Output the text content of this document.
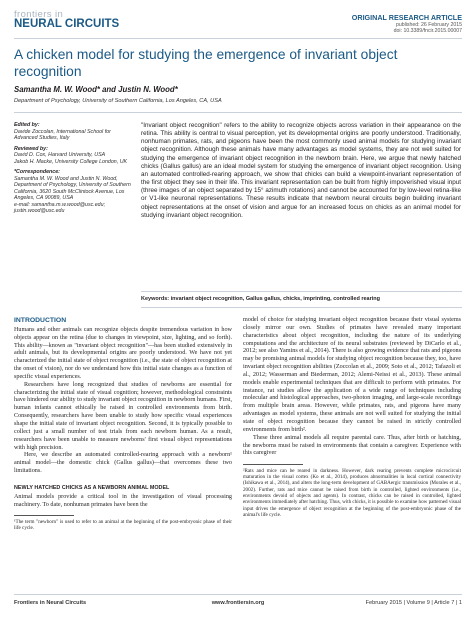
frontiers in
NEURAL CIRCUITS
ORIGINAL RESEARCH ARTICLE
published: 26 February 2015
doi: 10.3389/fncir.2015.00007
A chicken model for studying the emergence of invariant object recognition
Samantha M. W. Wood* and Justin N. Wood*
Department of Psychology, University of Southern California, Los Angeles, CA, USA
Edited by:
Davide Zoccolan, International School for Advanced Studies, Italy
Reviewed by:
David D. Cox, Harvard University, USA
Jakob H. Macke, University College London, UK
*Correspondence:
Samantha M. W. Wood and Justin N. Wood, Department of Psychology, University of Southern California, 3620 South McClintock Avenue, Los Angeles, CA 90089, USA
e-mail: samantha.m.w.wood@usc.edu; justin.wood@usc.edu
"Invariant object recognition" refers to the ability to recognize objects across variation in their appearance on the retina. This ability is central to visual perception, yet its developmental origins are poorly understood. Traditionally, nonhuman primates, rats, and pigeons have been the most commonly used animal models for studying invariant object recognition. Although these animals have many advantages as model systems, they are not well suited for studying the emergence of invariant object recognition in the newborn brain. Here, we argue that newly hatched chicks (Gallus gallus) are an ideal model system for studying the emergence of invariant object recognition. Using an automated controlled-rearing approach, we show that chicks can build a viewpoint-invariant representation of the first object they see in their life. This invariant representation can be built from highly impoverished visual input (three images of an object separated by 15° azimuth rotations) and cannot be accounted for by low-level retina-like or V1-like neuronal representations. These results indicate that newborn neural circuits begin building invariant object representations at the onset of vision and argue for an increased focus on chicks as an animal model for studying invariant object recognition.
Keywords: invariant object recognition, Gallus gallus, chicks, imprinting, controlled rearing
INTRODUCTION

Humans and other animals can recognize objects despite tremendous variation in how objects appear on the retina (due to changes in viewpoint, size, lighting, and so forth). This ability—known as "invariant object recognition"—has been studied extensively in adult animals, but its developmental origins are poorly understood. We have not yet characterized the initial state of object recognition (i.e., the state of object recognition at the onset of vision), nor do we understand how this initial state changes as a function of specific visual experiences.

Researchers have long recognized that studies of newborns are essential for characterizing the initial state of visual cognition; however, methodological constraints have hindered our ability to study invariant object recognition in newborn humans. First, human infants cannot ethically be raised in controlled environments from birth. Consequently, researchers have been unable to study how specific visual experiences shape the initial state of invariant object recognition. Second, it is typically possible to collect just a small number of test trials from each newborn human. As a result, researchers have been unable to measure newborns' first visual object representations with high precision.

Here, we describe an automated controlled-rearing approach with a newborn¹ animal model—the domestic chick (Gallus gallus)—that overcomes these two limitations.

NEWLY HATCHED CHICKS AS A NEWBORN ANIMAL MODEL

Animal models provide a critical tool in the investigation of visual processing machinery. To date, nonhuman primates have been the

¹The term "newborn" is used to refer to an animal at the beginning of the post-embryonic phase of their life cycle.

model of choice for studying invariant object recognition because their visual systems closely mirror our own. Studies of primates have revealed many important characteristics about object recognition, including the nature of its underlying computations and the architecture of its neural substrates (reviewed by DiCarlo et al., 2012; see also Yamins et al., 2014). There is also growing evidence that rats and pigeons may be promising animal models for studying object recognition because they, too, have invariant object recognition abilities (Zoccolan et al., 2009; Soto et al., 2012; Tafazoli et al., 2012; Wasserman and Biederman, 2012; Alemi-Neissi et al., 2013). These animal models enable experimental techniques that are difficult to perform with primates. For instance, rat studies allow the application of a wide range of techniques including molecular and histological approaches, two-photon imaging, and large-scale recordings from multiple brain areas. However, while primates, rats, and pigeons have many advantages as model systems, these animals are not well suited for studying the initial state of object recognition because they cannot be raised in strictly controlled environments from birth².

These three animal models all require parental care. Thus, after birth or hatching, the newborns must be raised in environments that contain a caregiver. Experience with this caregiver

²Rats and mice can be reared in darkness. However, dark rearing prevents complete microcircuit maturation in the visual cortex (Ko et al., 2014), produces abnormalities in local cortical connectivity (Ishikawa et al., 2014), and alters the long-term development of GABAergic transmission (Morales et al., 2002). Further, rats and mice cannot be raised from birth in controlled, lighted environments (i.e., environments devoid of objects and agents). In contrast, chicks can be raised in controlled, lighted environments immediately after hatching. Thus, with chicks, it is possible to examine how patterned visual input drives the emergence of object recognition at the beginning of the post-embryonic phase of the animal's life cycle.
Frontiers in Neural Circuits	www.frontiersin.org	February 2015 | Volume 9 | Article 7 | 1
